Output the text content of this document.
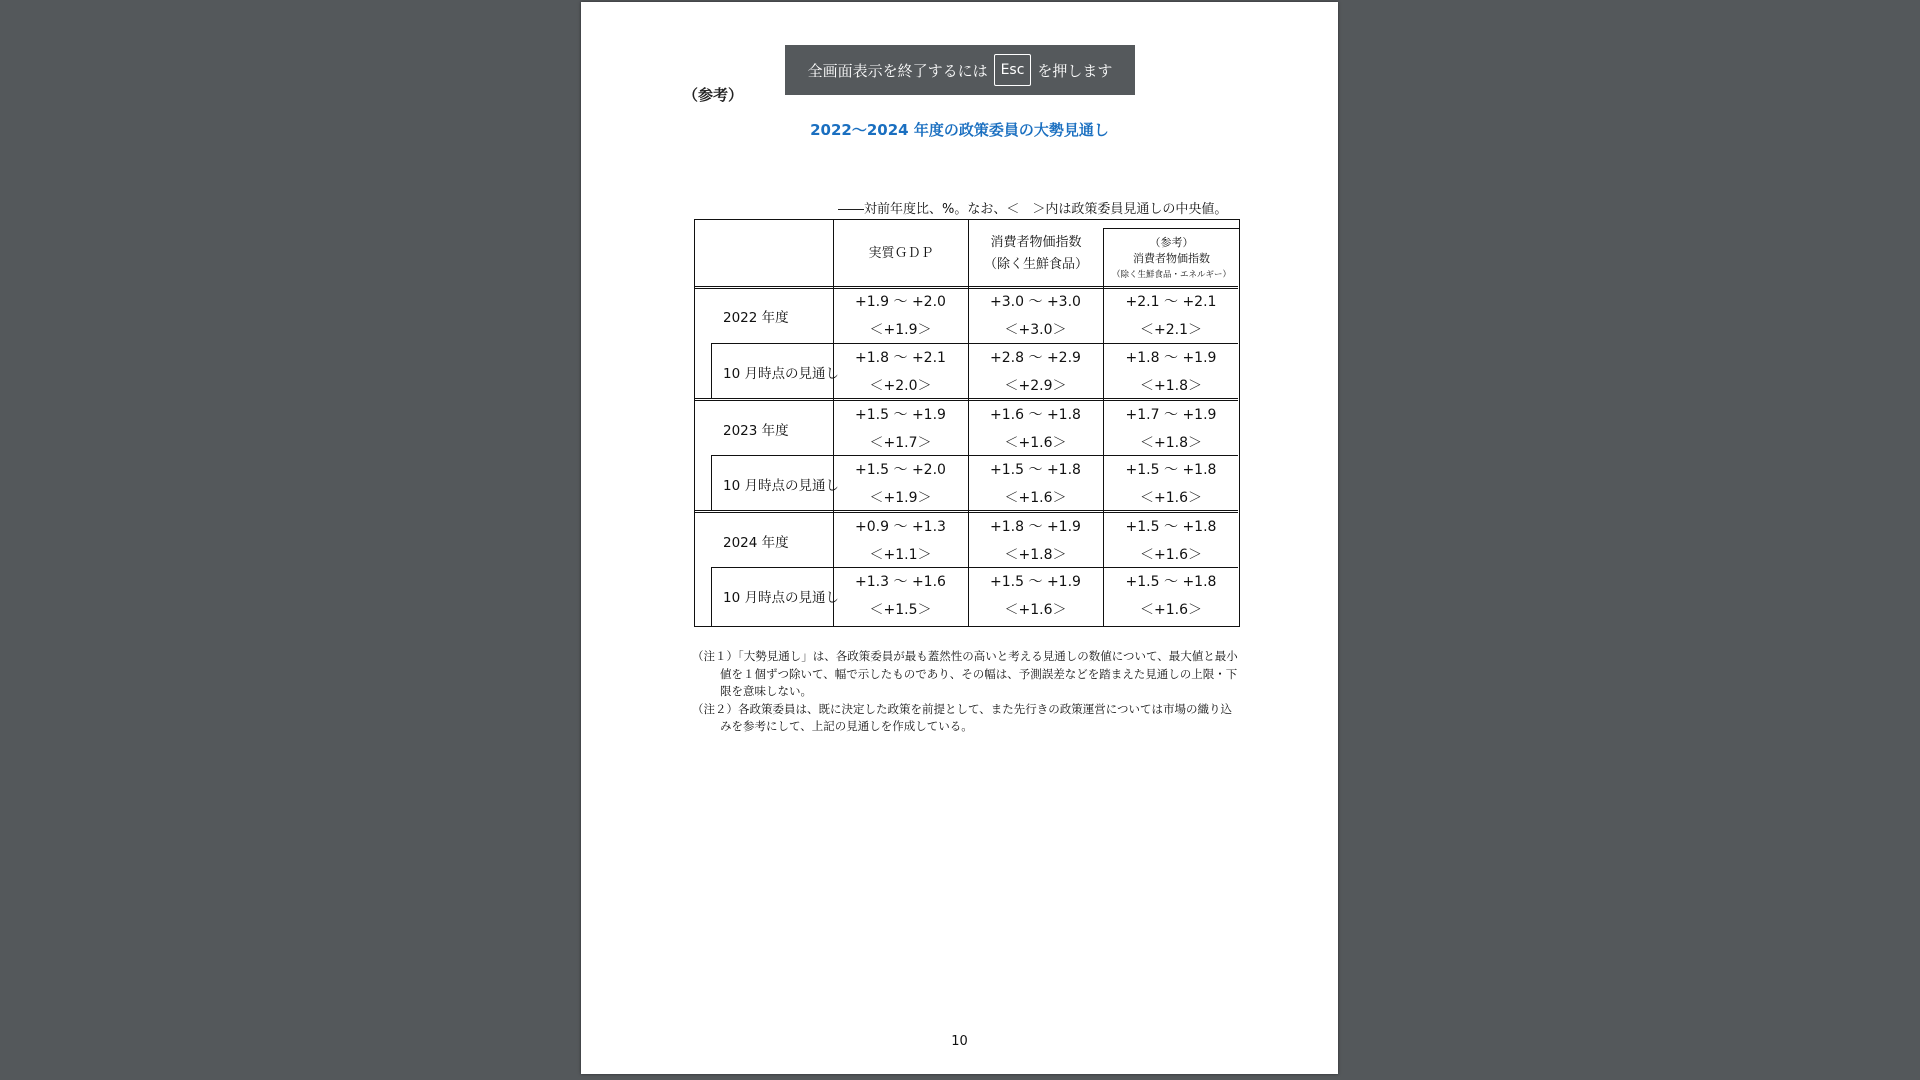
（参考）
2022～2024 年度の政策委員の大勢見通し
――対前年度比、%。なお、＜　＞内は政策委員見通しの中央値。
実質ＧＤＰ
消費者物価指数
（除く生鮮食品）
（参考）
消費者物価指数
（除く生鮮食品・エネルギー）
2022 年度
10 月時点の見通し
2023 年度
10 月時点の見通し
2024 年度
10 月時点の見通し
+1.9 ～ +2.0
＜+1.9＞
+3.0 ～ +3.0
＜+3.0＞
+2.1 ～ +2.1
＜+2.1＞
+1.8 ～ +2.1
＜+2.0＞
+2.8 ～ +2.9
＜+2.9＞
+1.8 ～ +1.9
＜+1.8＞
+1.5 ～ +1.9
＜+1.7＞
+1.6 ～ +1.8
＜+1.6＞
+1.7 ～ +1.9
＜+1.8＞
+1.5 ～ +2.0
＜+1.9＞
+1.5 ～ +1.8
＜+1.6＞
+1.5 ～ +1.8
＜+1.6＞
+0.9 ～ +1.3
＜+1.1＞
+1.8 ～ +1.9
＜+1.8＞
+1.5 ～ +1.8
＜+1.6＞
+1.3 ～ +1.6
＜+1.5＞
+1.5 ～ +1.9
＜+1.6＞
+1.5 ～ +1.8
＜+1.6＞
（注１）「大勢見通し」は、各政策委員が最も蓋然性の高いと考える見通しの数値について、最大値と最小値を１個ずつ除いて、幅で示したものであり、その幅は、予測誤差などを踏まえた見通しの上限・下限を意味しない。
（注２）各政策委員は、既に決定した政策を前提として、また先行きの政策運営については市場の織り込みを参考にして、上記の見通しを作成している。
10
全画面表示を終了するには Esc を押します
